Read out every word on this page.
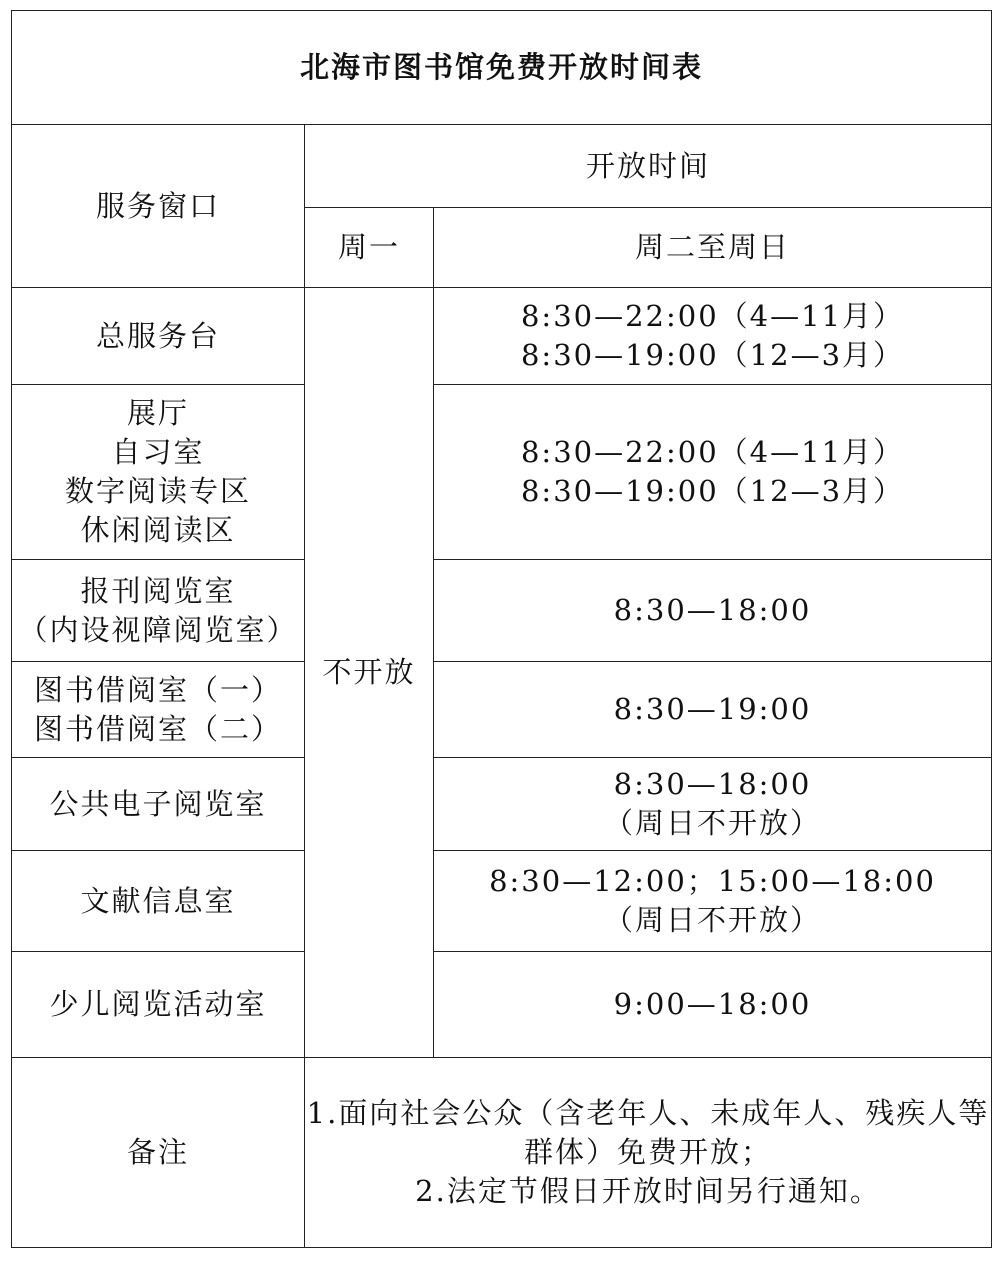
北海市图书馆免费开放时间表		
服务窗口	开放时间	
	周一	周二至周日

总服务台	不开放	8:30—22:00（4—11月）
8:30—19:00（12—3月）

展厅
自习室
数字阅读专区
休闲阅读区		8:30—22:00（4—11月）
8:30—19:00（12—3月）

报刊阅览室
（内设视障阅览室）		8:30—18:00

图书借阅室（一）
图书借阅室（二）		8:30—19:00

公共电子阅览室		8:30—18:00
（周日不开放）

文献信息室		8:30—12:00；15:00—18:00
（周日不开放）

少儿阅览活动室		9:00—18:00

备注	1.面向社会公众（含老年人、未成年人、残疾人等群体）免费开放；
2.法定节假日开放时间另行通知。	
